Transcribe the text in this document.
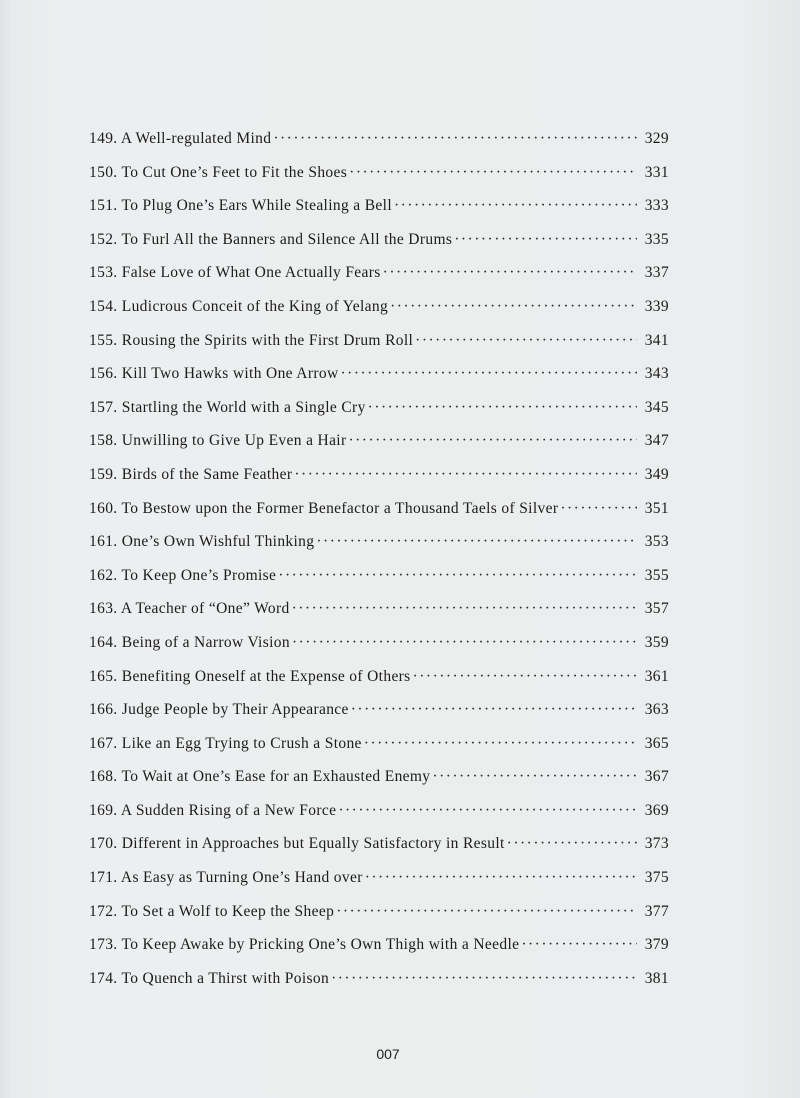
149. A Well-regulated Mind ·····	329
150. To Cut One’s Feet to Fit the Shoes ·····	331
151. To Plug One’s Ears While Stealing a Bell ·····	333
152. To Furl All the Banners and Silence All the Drums ·····	335
153. False Love of What One Actually Fears ·····	337
154. Ludicrous Conceit of the King of Yelang ·····	339
155. Rousing the Spirits with the First Drum Roll ·····	341
156. Kill Two Hawks with One Arrow ·····	343
157. Startling the World with a Single Cry ·····	345
158. Unwilling to Give Up Even a Hair ·····	347
159. Birds of the Same Feather ·····	349
160. To Bestow upon the Former Benefactor a Thousand Taels of Silver ·····	351
161. One’s Own Wishful Thinking ·····	353
162. To Keep One’s Promise ·····	355
163. A Teacher of “One” Word ·····	357
164. Being of a Narrow Vision ·····	359
165. Benefiting Oneself at the Expense of Others ·····	361
166. Judge People by Their Appearance ·····	363
167. Like an Egg Trying to Crush a Stone ·····	365
168. To Wait at One’s Ease for an Exhausted Enemy ·····	367
169. A Sudden Rising of a New Force ·····	369
170. Different in Approaches but Equally Satisfactory in Result ·····	373
171. As Easy as Turning One’s Hand over ·····	375
172. To Set a Wolf to Keep the Sheep ·····	377
173. To Keep Awake by Pricking One’s Own Thigh with a Needle ·····	379
174. To Quench a Thirst with Poison ·····	381
007
